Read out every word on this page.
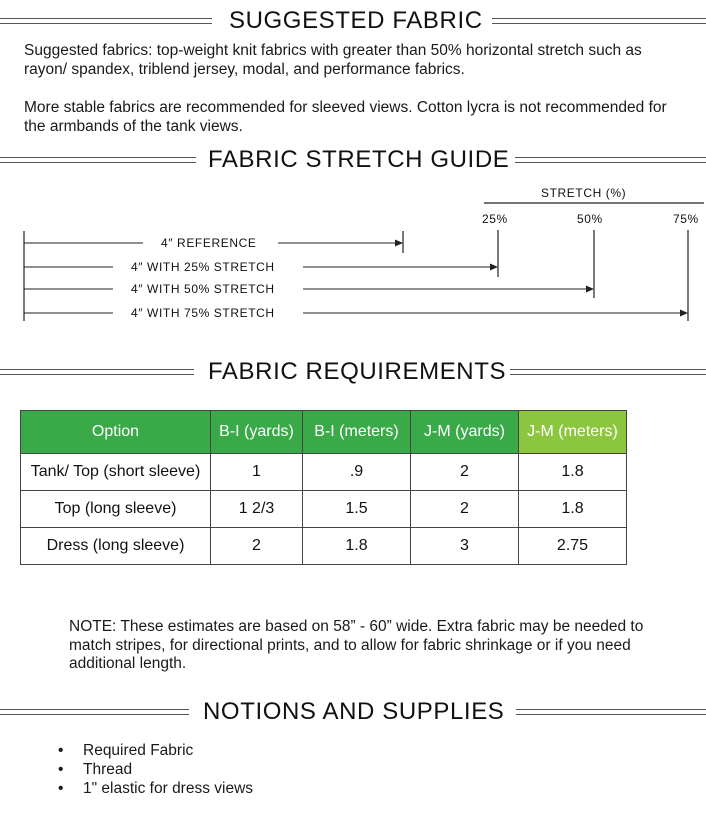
SUGGESTED FABRIC
Suggested fabrics: top-weight knit fabrics with greater than 50% horizontal stretch such as rayon/ spandex, triblend jersey, modal, and performance fabrics.
More stable fabrics are recommended for sleeved views. Cotton lycra is not recommended for the armbands of the tank views.
FABRIC STRETCH GUIDE
STRETCH (%)
25%	50%	75%
4″ REFERENCE
4″ WITH 25% STRETCH
4″ WITH 50% STRETCH
4″ WITH 75% STRETCH
FABRIC REQUIREMENTS
Option	B-I (yards)	B-I (meters)	J-M (yards)	J-M (meters)
Tank/ Top (short sleeve)	1	.9	2	1.8
Top (long sleeve)	1 2/3	1.5	2	1.8
Dress (long sleeve)	2	1.8	3	2.75
NOTE: These estimates are based on 58” - 60” wide. Extra fabric may be needed to match stripes, for directional prints, and to allow for fabric shrinkage or if you need additional length.
NOTIONS AND SUPPLIES
• Required Fabric
• Thread
• 1" elastic for dress views
